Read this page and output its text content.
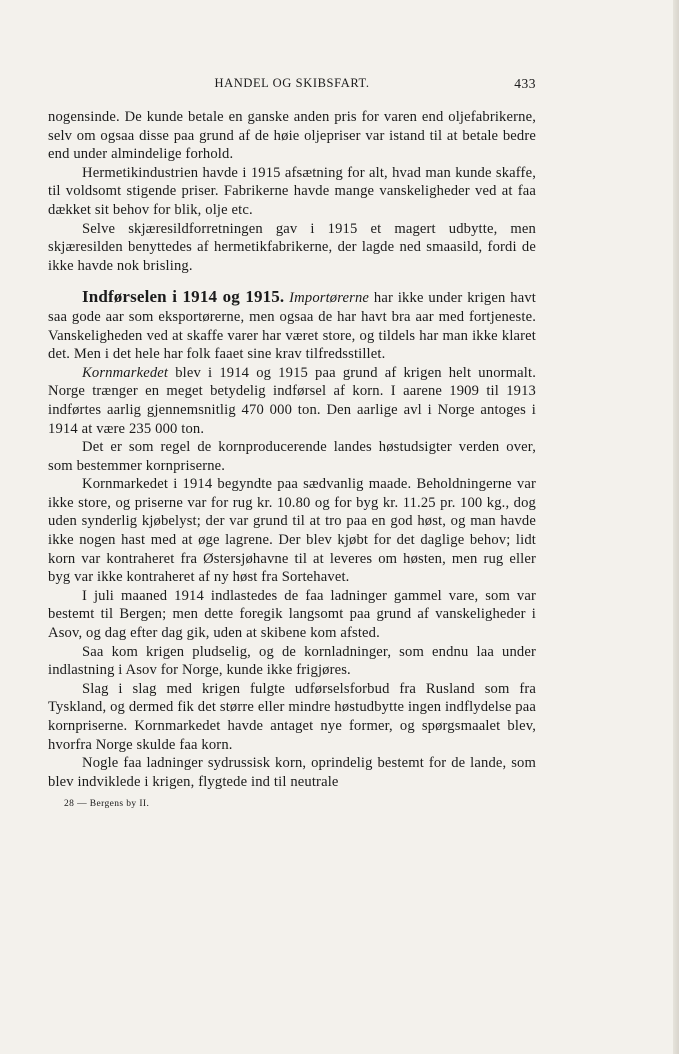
HANDEL OG SKIBSFART.	433

nogensinde. De kunde betale en ganske anden pris for varen end oljefabrikerne, selv om ogsaa disse paa grund af de høie oljepriser var istand til at betale bedre end under almindelige forhold.

Hermetikindustrien havde i 1915 afsætning for alt, hvad man kunde skaffe, til voldsomt stigende priser. Fabrikerne havde mange vanskeligheder ved at faa dækket sit behov for blik, olje etc.

Selve skjæresildforretningen gav i 1915 et magert udbytte, men skjæresilden benyttedes af hermetikfabrikerne, der lagde ned smaasild, fordi de ikke havde nok brisling.

Indførselen i 1914 og 1915. Importørerne har ikke under krigen havt saa gode aar som eksportørerne, men ogsaa de har havt bra aar med fortjeneste. Vanskeligheden ved at skaffe varer har været store, og tildels har man ikke klaret det. Men i det hele har folk faaet sine krav tilfredsstillet.

Kornmarkedet blev i 1914 og 1915 paa grund af krigen helt unormalt. Norge trænger en meget betydelig indførsel af korn. I aarene 1909 til 1913 indførtes aarlig gjennemsnitlig 470 000 ton. Den aarlige avl i Norge antoges i 1914 at være 235 000 ton.

Det er som regel de kornproducerende landes høstudsigter verden over, som bestemmer kornpriserne.

Kornmarkedet i 1914 begyndte paa sædvanlig maade. Beholdningerne var ikke store, og priserne var for rug kr. 10.80 og for byg kr. 11.25 pr. 100 kg., dog uden synderlig kjøbelyst; der var grund til at tro paa en god høst, og man havde ikke nogen hast med at øge lagrene. Der blev kjøbt for det daglige behov; lidt korn var kontraheret fra Østersjøhavne til at leveres om høsten, men rug eller byg var ikke kontraheret af ny høst fra Sortehavet.

I juli maaned 1914 indlastedes de faa ladninger gammel vare, som var bestemt til Bergen; men dette foregik langsomt paa grund af vanskeligheder i Asov, og dag efter dag gik, uden at skibene kom afsted.

Saa kom krigen pludselig, og de kornladninger, som endnu laa under indlastning i Asov for Norge, kunde ikke frigjøres.

Slag i slag med krigen fulgte udførselsforbud fra Rusland som fra Tyskland, og dermed fik det større eller mindre høstudbytte ingen indflydelse paa kornpriserne. Kornmarkedet havde antaget nye former, og spørgsmaalet blev, hvorfra Norge skulde faa korn.

Nogle faa ladninger sydrussisk korn, oprindelig bestemt for de lande, som blev indviklede i krigen, flygtede ind til neutrale

28 — Bergens by II.
